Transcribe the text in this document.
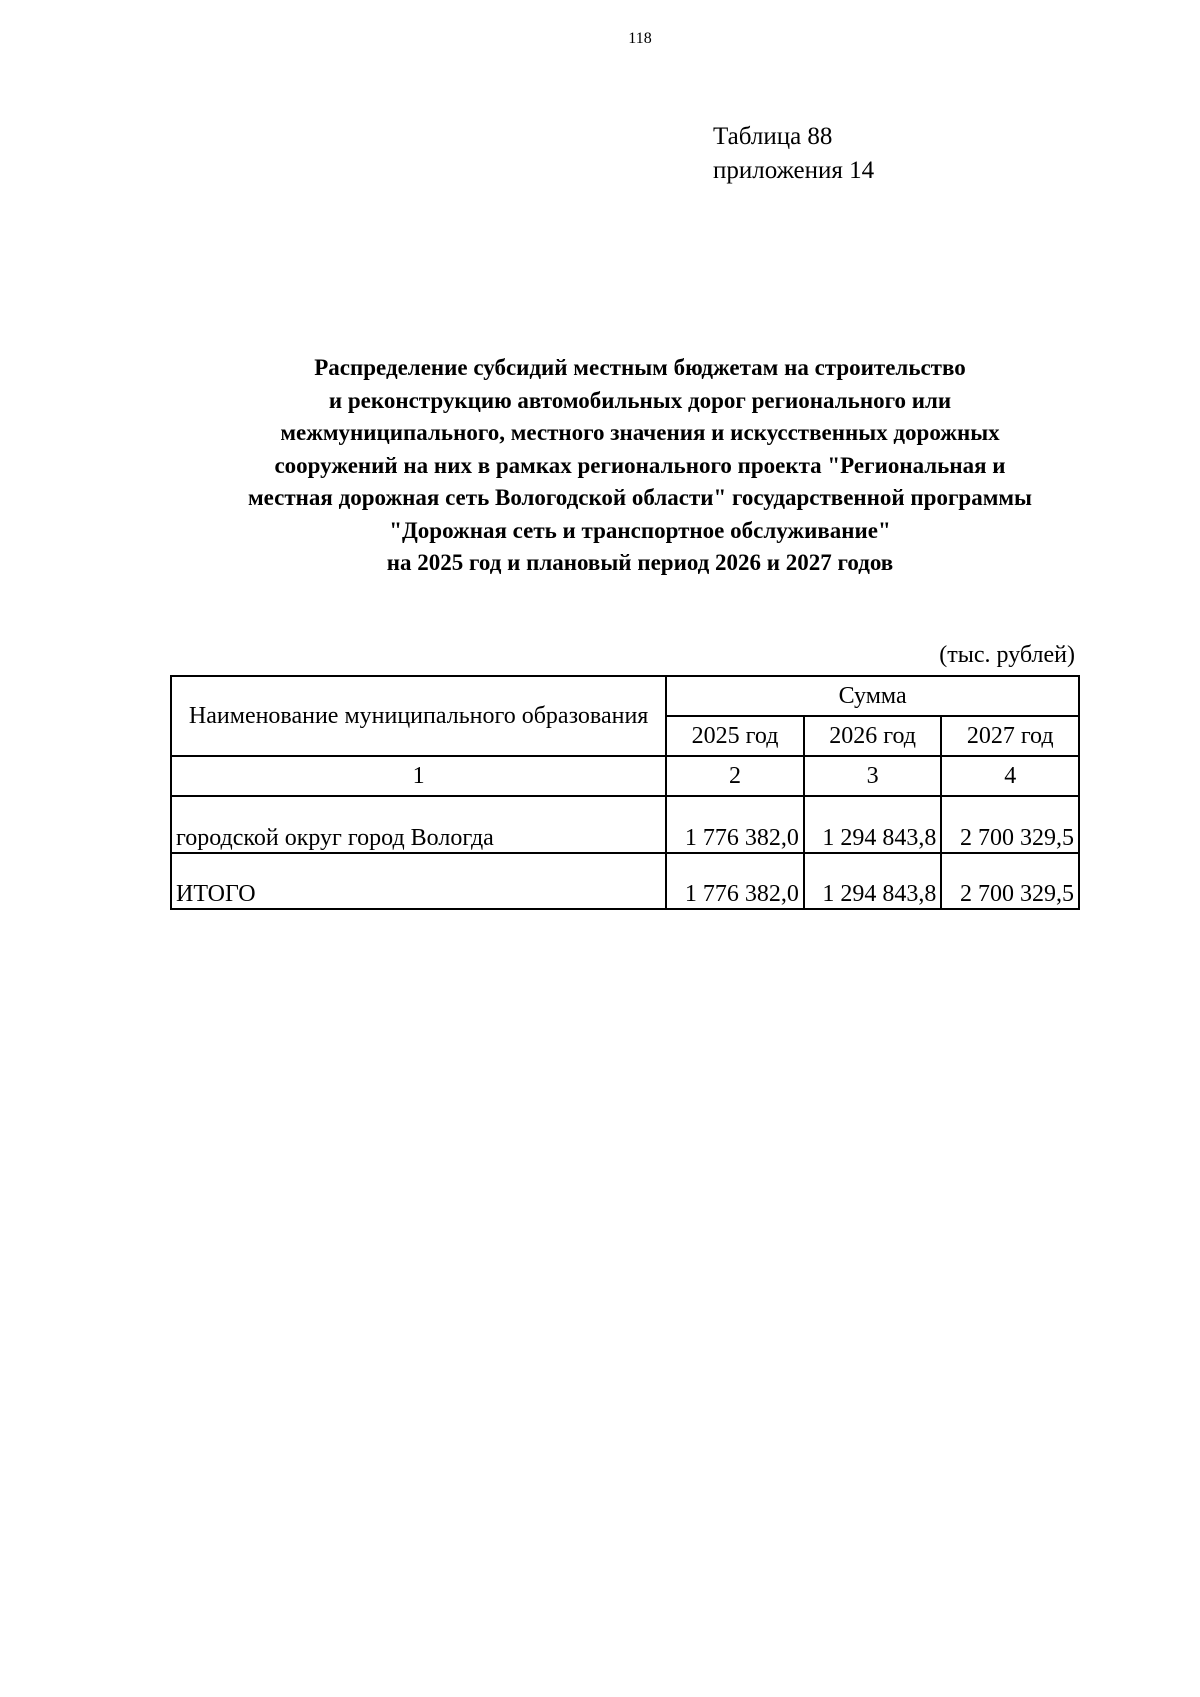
118
Таблица 88
приложения 14
Распределение субсидий местным бюджетам на строительство
и реконструкцию автомобильных дорог регионального или
межмуниципального, местного значения и искусственных дорожных
сооружений на них в рамках регионального проекта "Региональная и
местная дорожная сеть Вологодской области" государственной программы
"Дорожная сеть и транспортное обслуживание"
на 2025 год и плановый период 2026 и 2027 годов
(тыс. рублей)
Наименование муниципального образования	Сумма		
	2025 год	2026 год	2027 год
1	2	3	4
городской округ город Вологда	1 776 382,0	1 294 843,8	2 700 329,5
ИТОГО	1 776 382,0	1 294 843,8	2 700 329,5
